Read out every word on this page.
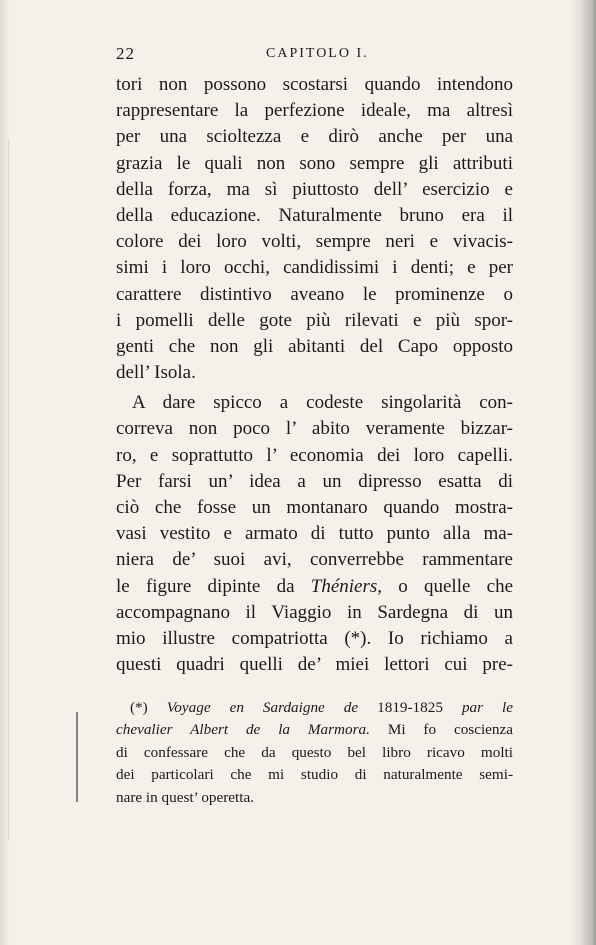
22	CAPITOLO I.
tori non possono scostarsi quando intendono
rappresentare la perfezione ideale, ma altresì
per una scioltezza e dirò anche per una
grazia le quali non sono sempre gli attributi
della forza, ma sì piuttosto dell’ esercizio e
della educazione. Naturalmente bruno era il
colore dei loro volti, sempre neri e vivacis-
simi i loro occhi, candidissimi i denti; e per
carattere distintivo aveano le prominenze o
i pomelli delle gote più rilevati e più spor-
genti che non gli abitanti del Capo opposto
dell’ Isola.
A dare spicco a codeste singolarità con-
correva non poco l’ abito veramente bizzar-
ro, e soprattutto l’ economia dei loro capelli.
Per farsi un’ idea a un dipresso esatta di
ciò che fosse un montanaro quando mostra-
vasi vestito e armato di tutto punto alla ma-
niera de’ suoi avi, converrebbe rammentare
le figure dipinte da Théniers, o quelle che
accompagnano il Viaggio in Sardegna di un
mio illustre compatriotta (*). Io richiamo a
questi quadri quelli de’ miei lettori cui pre-
(*) Voyage en Sardaigne de 1819-1825 par le
chevalier Albert de la Marmora. Mi fo coscienza
di confessare che da questo bel libro ricavo molti
dei particolari che mi studio di naturalmente semi-
nare in quest’ operetta.
